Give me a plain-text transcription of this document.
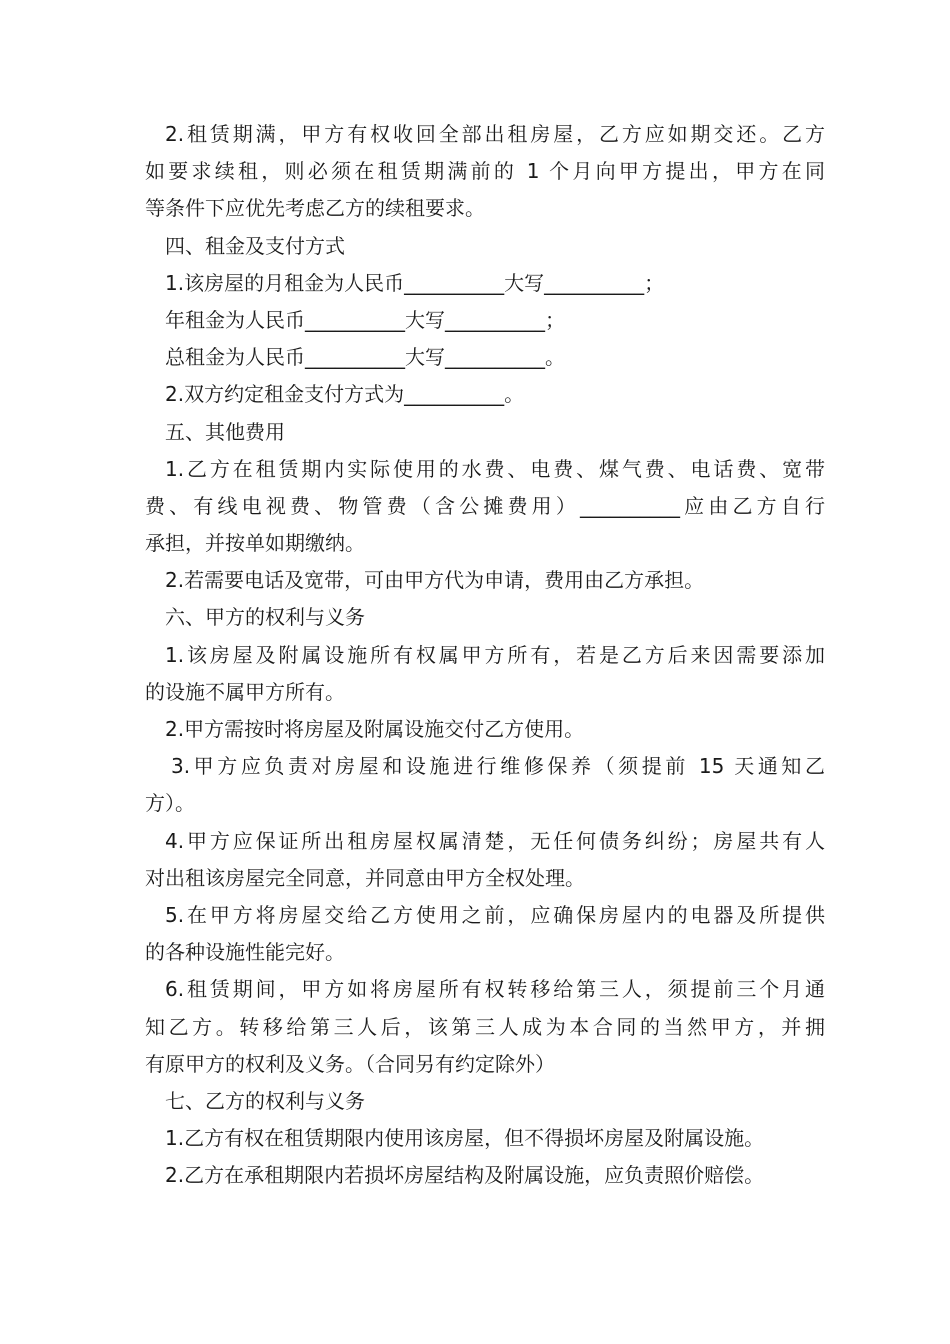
2.租赁期满，甲方有权收回全部出租房屋，乙方应如期交还。乙方
如要求续租，则必须在租赁期满前的 1 个月向甲方提出，甲方在同
等条件下应优先考虑乙方的续租要求。
四、租金及支付方式
1.该房屋的月租金为人民币__________大写__________；
年租金为人民币__________大写__________；
总租金为人民币__________大写__________。
2.双方约定租金支付方式为__________。
五、其他费用
1.乙方在租赁期内实际使用的水费、电费、煤气费、电话费、宽带
费、有线电视费、物管费（含公摊费用）__________应由乙方自行
承担，并按单如期缴纳。
2.若需要电话及宽带，可由甲方代为申请，费用由乙方承担。
六、甲方的权利与义务
1.该房屋及附属设施所有权属甲方所有，若是乙方后来因需要添加
的设施不属甲方所有。
2.甲方需按时将房屋及附属设施交付乙方使用。
3.甲方应负责对房屋和设施进行维修保养（须提前 15 天通知乙
方）。
4.甲方应保证所出租房屋权属清楚，无任何债务纠纷；房屋共有人
对出租该房屋完全同意，并同意由甲方全权处理。
5.在甲方将房屋交给乙方使用之前，应确保房屋内的电器及所提供
的各种设施性能完好。
6.租赁期间，甲方如将房屋所有权转移给第三人，须提前三个月通
知乙方。转移给第三人后，该第三人成为本合同的当然甲方，并拥
有原甲方的权利及义务。（合同另有约定除外）
七、乙方的权利与义务
1.乙方有权在租赁期限内使用该房屋，但不得损坏房屋及附属设施。
2.乙方在承租期限内若损坏房屋结构及附属设施，应负责照价赔偿。
